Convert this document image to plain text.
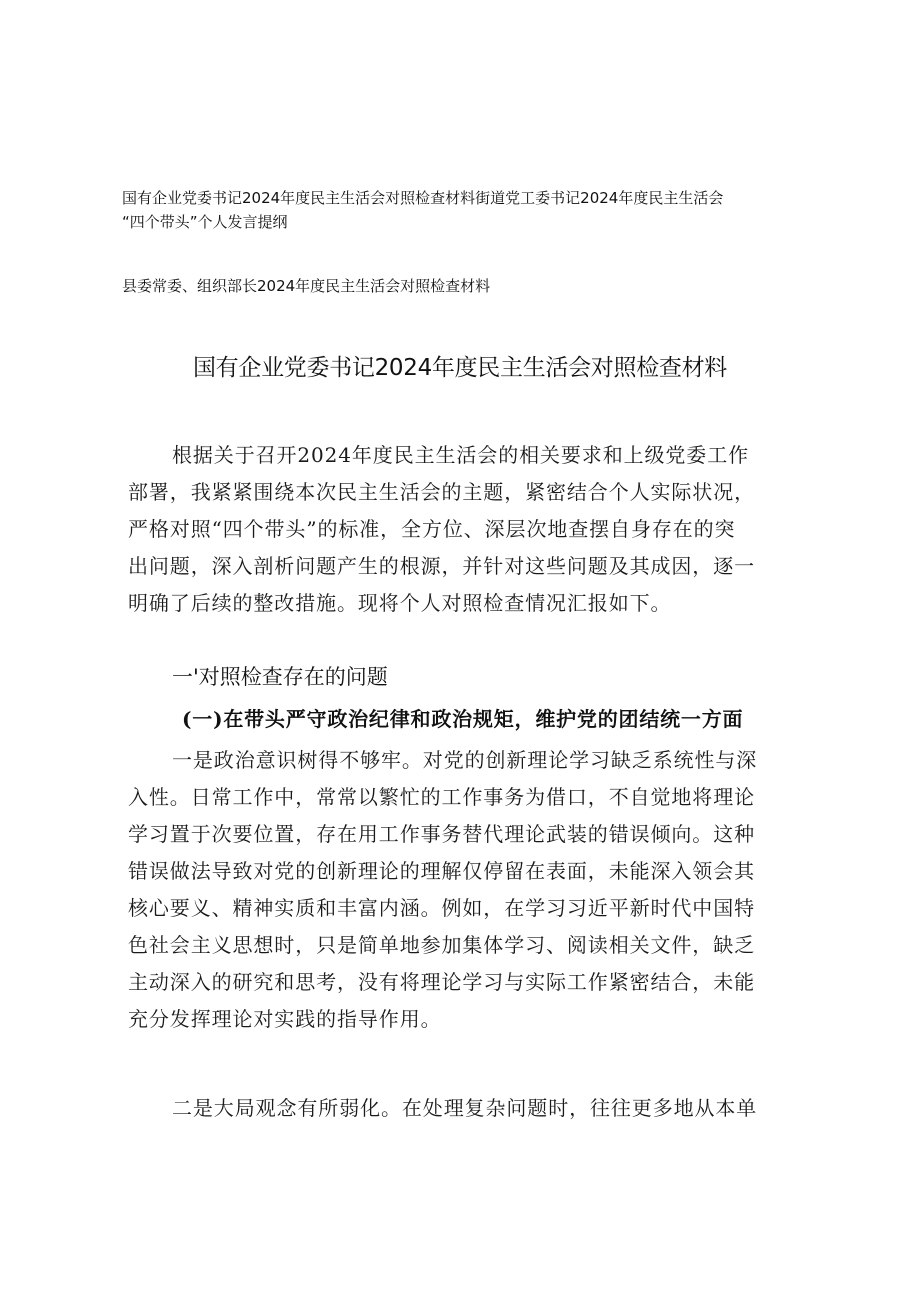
国有企业党委书记2024年度民主生活会对照检查材料街道党工委书记2024年度民主生活会
“四个带头”个人发言提纲
县委常委、组织部长2024年度民主生活会对照检查材料
国有企业党委书记2024年度民主生活会对照检查材料
根据关于召开2024年度民主生活会的相关要求和上级党委工作
部署，我紧紧围绕本次民主生活会的主题，紧密结合个人实际状况，
严格对照“四个带头”的标准，全方位、深层次地查摆自身存在的突
出问题，深入剖析问题产生的根源，并针对这些问题及其成因，逐一
明确了后续的整改措施。现将个人对照检查情况汇报如下。
一'对照检查存在的问题
(一)在带头严守政治纪律和政治规矩，维护党的团结统一方面
一是政治意识树得不够牢。对党的创新理论学习缺乏系统性与深
入性。日常工作中，常常以繁忙的工作事务为借口，不自觉地将理论
学习置于次要位置，存在用工作事务替代理论武装的错误倾向。这种
错误做法导致对党的创新理论的理解仅停留在表面，未能深入领会其
核心要义、精神实质和丰富内涵。例如，在学习习近平新时代中国特
色社会主义思想时，只是简单地参加集体学习、阅读相关文件，缺乏
主动深入的研究和思考，没有将理论学习与实际工作紧密结合，未能
充分发挥理论对实践的指导作用。
二是大局观念有所弱化。在处理复杂问题时，往往更多地从本单
